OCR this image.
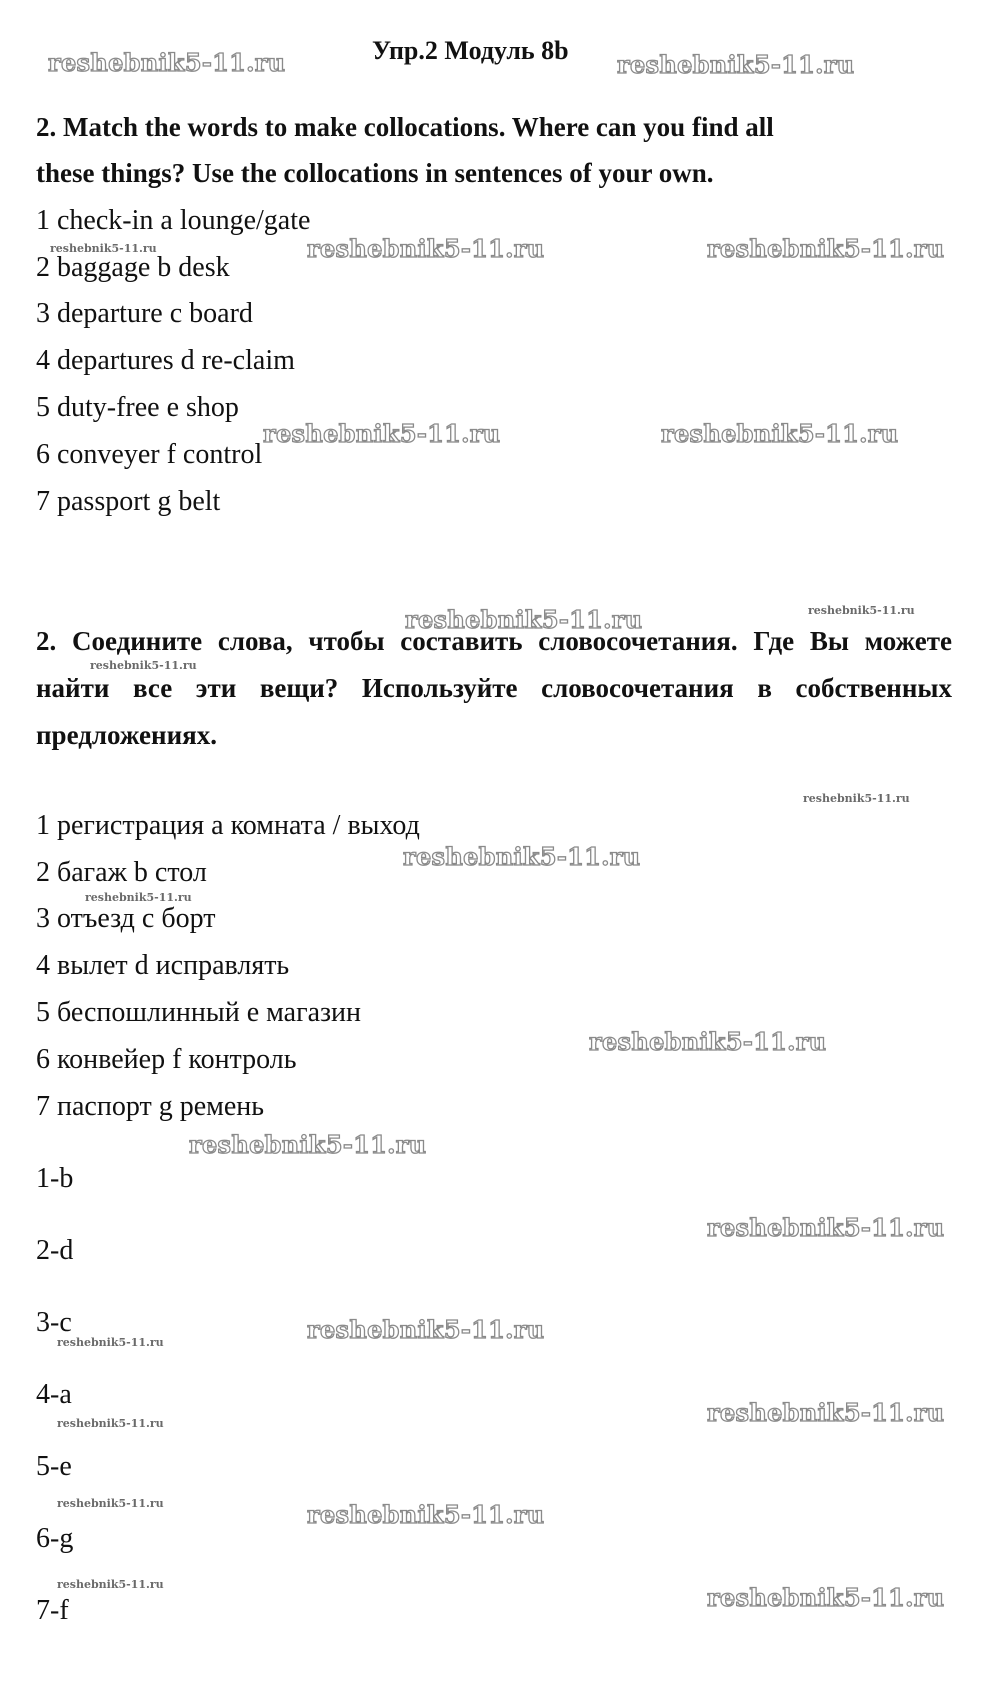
Упр.2 Модуль 8b
2. Match the words to make collocations. Where can you find all
these things? Use the collocations in sentences of your own.
1 check-in a lounge/gate
2 baggage b desk
3 departure c board
4 departures d re-claim
5 duty-free e shop
6 conveyer f control
7 passport g belt
2. Соедините слова, чтобы составить словосочетания. Где Вы можете найти все эти вещи? Используйте словосочетания в собственных предложениях.
1 регистрация a комната / выход
2 багаж b стол
3 отъезд c борт
4 вылет d исправлять
5 беспошлинный e магазин
6 конвейер f контроль
7 паспорт g ремень
1-b
2-d
3-c
4-a
5-e
6-g
7-f
reshebnik5-11.ru	reshebnik5-11.ru
reshebnik5-11.ru	reshebnik5-11.ru
reshebnik5-11.ru	reshebnik5-11.ru
reshebnik5-11.ru
reshebnik5-11.ru
reshebnik5-11.ru
reshebnik5-11.ru
reshebnik5-11.ru
reshebnik5-11.ru
reshebnik5-11.ru
reshebnik5-11.ru
reshebnik5-11.ru
reshebnik5-11.ru
reshebnik5-11.ru
reshebnik5-11.ru
reshebnik5-11.ru
reshebnik5-11.ru
reshebnik5-11.ru
reshebnik5-11.ru
reshebnik5-11.ru
reshebnik5-11.ru
